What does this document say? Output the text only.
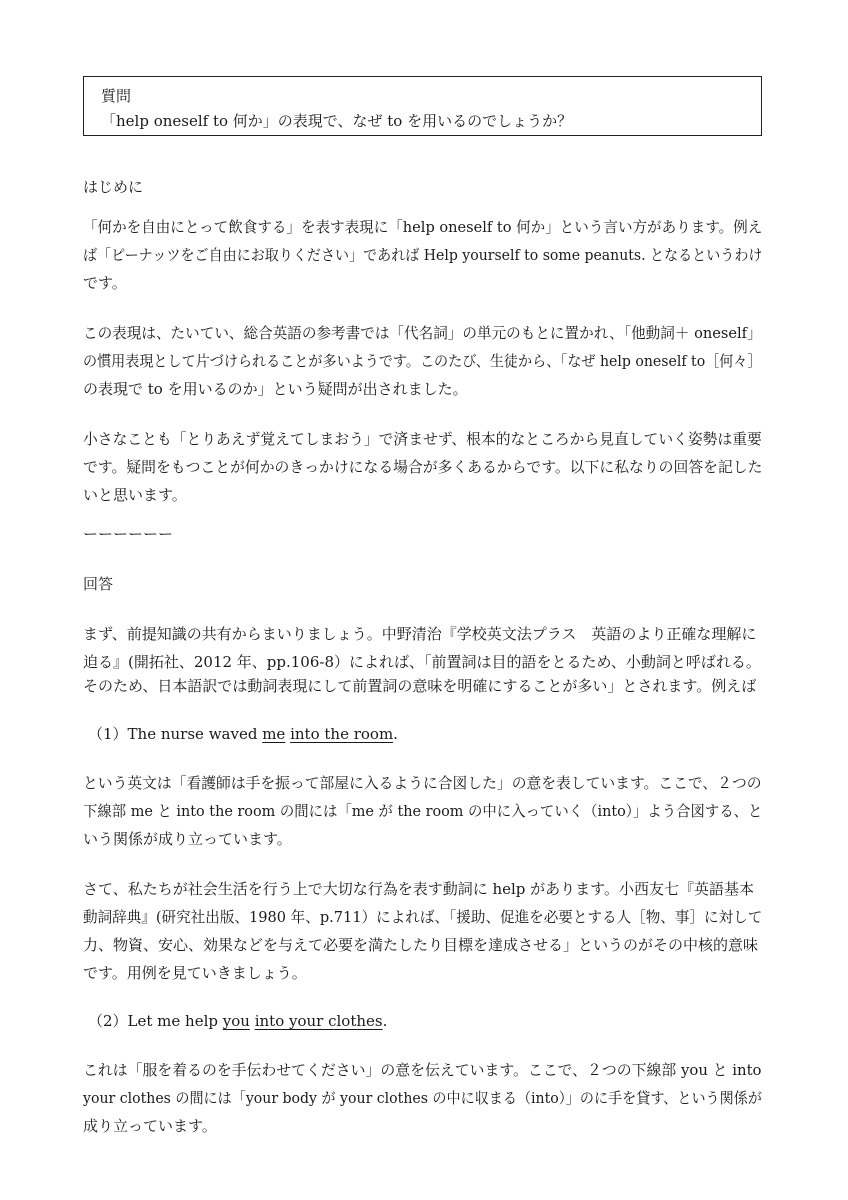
質問
「help oneself to 何か」の表現で、なぜ to を用いるのでしょうか？
はじめに
「何かを自由にとって飲食する」を表す表現に「help oneself to 何か」という言い方があります。例え
ば「ピーナッツをご自由にお取りください」であれば Help yourself to some peanuts. となるというわけ
です。
この表現は、たいてい、総合英語の参考書では「代名詞」の単元のもとに置かれ、「他動詞＋ oneself」
の慣用表現として片づけられることが多いようです。このたび、生徒から、「なぜ help oneself to［何々］
の表現で to を用いるのか」という疑問が出されました。
小さなことも「とりあえず覚えてしまおう」で済ませず、根本的なところから見直していく姿勢は重要
です。疑問をもつことが何かのきっかけになる場合が多くあるからです。以下に私なりの回答を記した
いと思います。
ーーーーーー
回答
まず、前提知識の共有からまいりましょう。中野清治『学校英文法プラス　英語のより正確な理解に
迫る』(開拓社、2012 年、pp.106-8）によれば、「前置詞は目的語をとるため、小動詞と呼ばれる。
そのため、日本語訳では動詞表現にして前置詞の意味を明確にすることが多い」とされます。例えば
（1）The nurse waved me into the room.
という英文は「看護師は手を振って部屋に入るように合図した」の意を表しています。ここで、２つの
下線部 me と into the room の間には「me が the room の中に入っていく（into）」よう合図する、と
いう関係が成り立っています。
さて、私たちが社会生活を行う上で大切な行為を表す動詞に help があります。小西友七『英語基本
動詞辞典』(研究社出版、1980 年、p.711）によれば、「援助、促進を必要とする人［物、事］に対して
力、物資、安心、効果などを与えて必要を満たしたり目標を達成させる」というのがその中核的意味
です。用例を見ていきましょう。
（2）Let me help you into your clothes.
これは「服を着るのを手伝わせてください」の意を伝えています。ここで、２つの下線部 you と into
your clothes の間には「your body が your clothes の中に収まる（into）」のに手を貸す、という関係が
成り立っています。
